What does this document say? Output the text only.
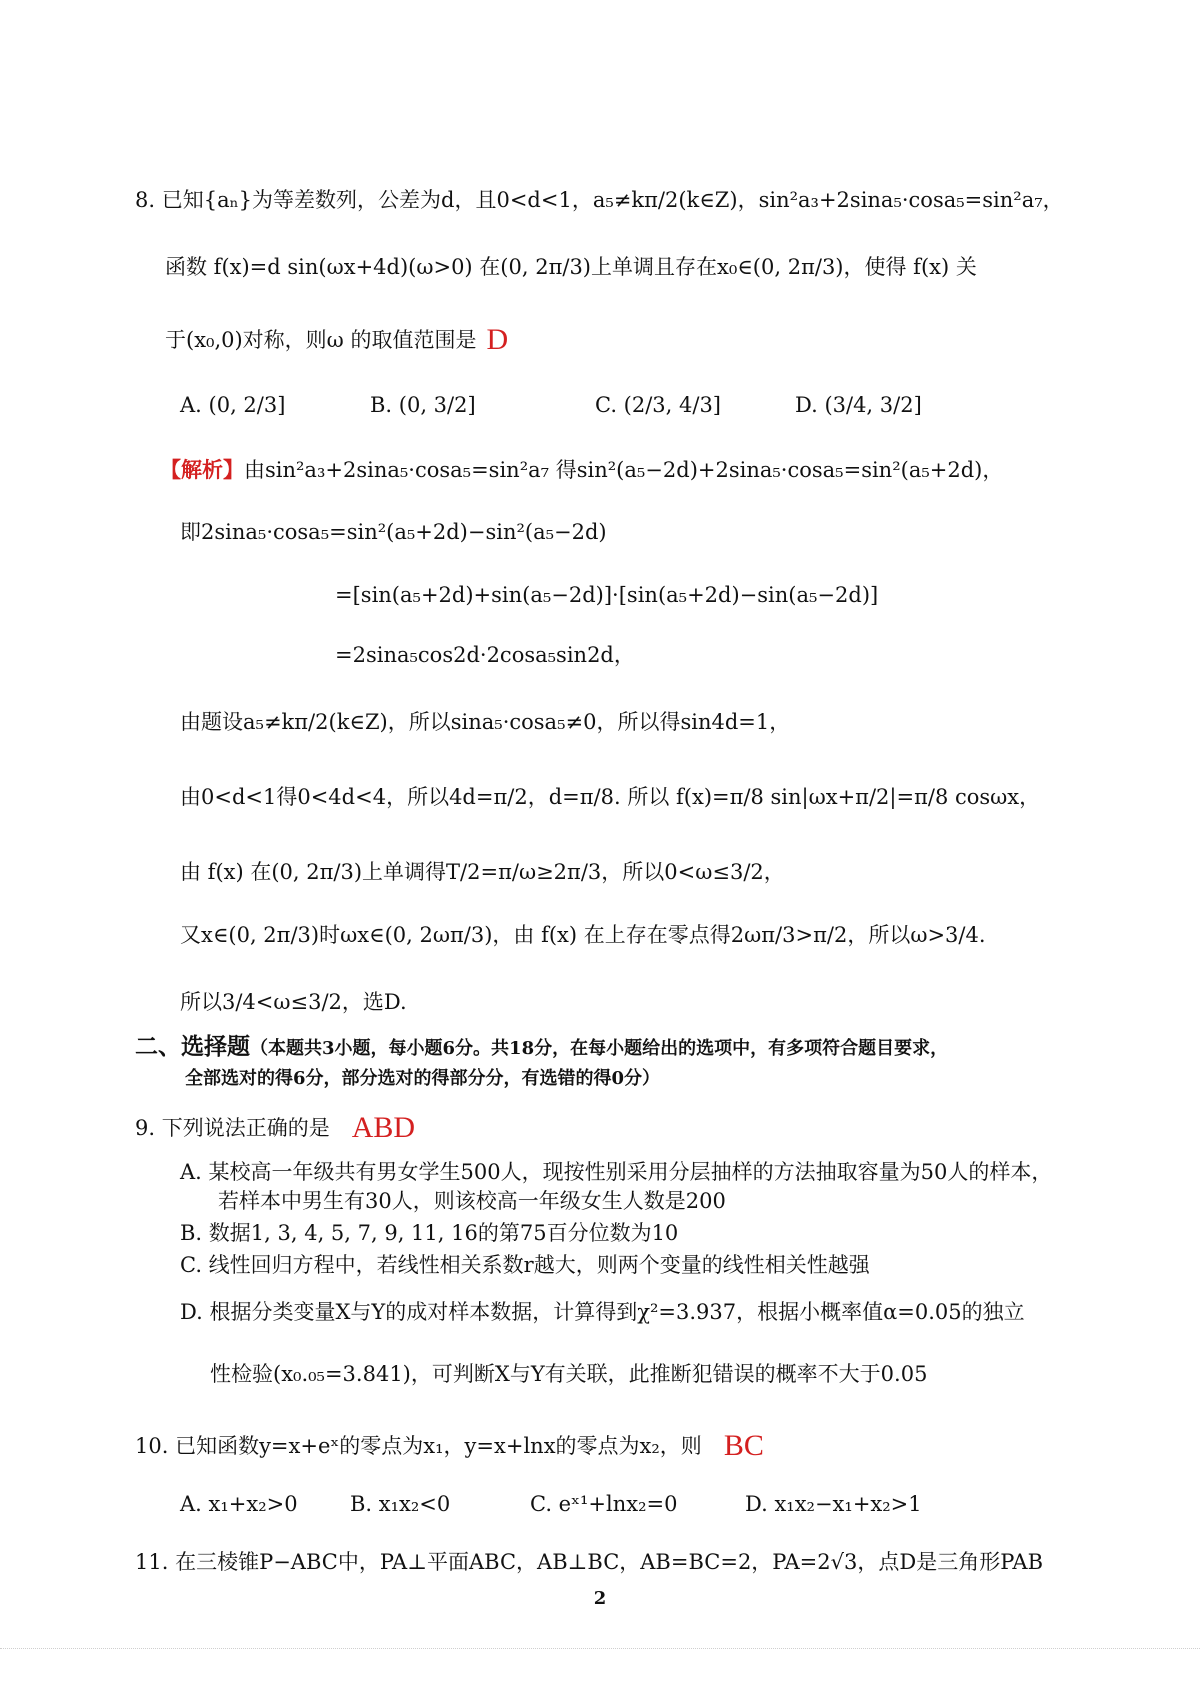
8. 已知{aₙ}为等差数列，公差为d，且0<d<1，a₅≠kπ/2(k∈Z)，sin²a₃+2sina₅·cosa₅=sin²a₇，
函数 f(x)=d sin(ωx+4d)(ω>0) 在(0, 2π/3)上单调且存在x₀∈(0, 2π/3)，使得 f(x) 关
于(x₀,0)对称，则ω 的取值范围是 D
A. (0, 2/3]	B. (0, 3/2]	C. (2/3, 4/3]	D. (3/4, 3/2]
【解析】由sin²a₃+2sina₅·cosa₅=sin²a₇ 得sin²(a₅−2d)+2sina₅·cosa₅=sin²(a₅+2d)，
即2sina₅·cosa₅=sin²(a₅+2d)−sin²(a₅−2d)
=[sin(a₅+2d)+sin(a₅−2d)]·[sin(a₅+2d)−sin(a₅−2d)]
=2sina₅cos2d·2cosa₅sin2d，
由题设a₅≠kπ/2(k∈Z)，所以sina₅·cosa₅≠0，所以得sin4d=1，
由0<d<1得0<4d<4，所以4d=π/2，d=π/8. 所以 f(x)=π/8 sin|ωx+π/2|=π/8 cosωx，
由 f(x) 在(0, 2π/3)上单调得T/2=π/ω≥2π/3，所以0<ω≤3/2，
又x∈(0, 2π/3)时ωx∈(0, 2ωπ/3)，由 f(x) 在上存在零点得2ωπ/3>π/2，所以ω>3/4.
所以3/4<ω≤3/2，选D.
二、选择题（本题共3小题，每小题6分。共18分，在每小题给出的选项中，有多项符合题目要求，
全部选对的得6分，部分选对的得部分分，有选错的得0分）
9. 下列说法正确的是 ABD
A. 某校高一年级共有男女学生500人，现按性别采用分层抽样的方法抽取容量为50人的样本，
若样本中男生有30人，则该校高一年级女生人数是200
B. 数据1, 3, 4, 5, 7, 9, 11, 16的第75百分位数为10
C. 线性回归方程中，若线性相关系数r越大，则两个变量的线性相关性越强
D. 根据分类变量X与Y的成对样本数据，计算得到χ²=3.937，根据小概率值α=0.05的独立
性检验(x₀.₀₅=3.841)，可判断X与Y有关联，此推断犯错误的概率不大于0.05
10. 已知函数y=x+eˣ的零点为x₁，y=x+lnx的零点为x₂，则 BC
A. x₁+x₂>0 B. x₁x₂<0	C. eˣ¹+lnx₂=0	D. x₁x₂−x₁+x₂>1
11. 在三棱锥P−ABC中，PA⊥平面ABC，AB⊥BC，AB=BC=2，PA=2√3，点D是三角形PAB
2
